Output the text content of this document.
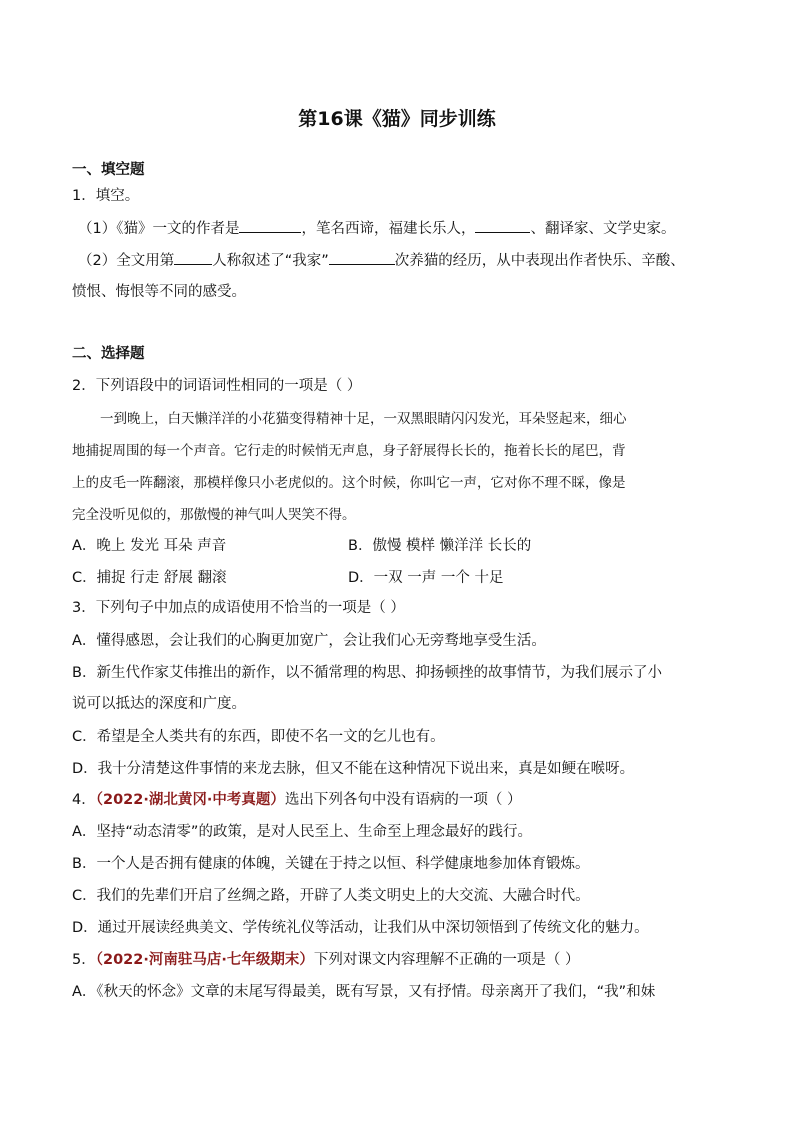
第16课《猫》同步训练
一、填空题
1．填空。
（1）《猫》一文的作者是	，笔名西谛，福建长乐人，	、翻译家、文学史家。
（2）全文用第	人称叙述了“我家”	次养猫的经历，从中表现出作者快乐、辛酸、
愤恨、悔恨等不同的感受。
二、选择题
2．下列语段中的词语词性相同的一项是（ ）
一到晚上，白天懒洋洋的小花猫变得精神十足，一双黑眼睛闪闪发光，耳朵竖起来，细心
地捕捉周围的每一个声音。它行走的时候悄无声息，身子舒展得长长的，拖着长长的尾巴，背
上的皮毛一阵翻滚，那模样像只小老虎似的。这个时候，你叫它一声，它对你不理不睬，像是
完全没听见似的，那傲慢的神气叫人哭笑不得。
A．晚上 发光 耳朵 声音	B．傲慢 模样 懒洋洋 长长的
C．捕捉 行走 舒展 翻滚	D．一双 一声 一个 十足
3．下列句子中加点的成语使用不恰当的一项是（ ）
A．懂得感恩，会让我们的心胸更加宽广，会让我们心无旁骛地享受生活。
B．新生代作家艾伟推出的新作，以不循常理的构思、抑扬顿挫的故事情节，为我们展示了小
说可以抵达的深度和广度。
C．希望是全人类共有的东西，即使不名一文的乞儿也有。
D．我十分清楚这件事情的来龙去脉，但又不能在这种情况下说出来，真是如鲠在喉呀。
4．（2022·湖北黄冈·中考真题）选出下列各句中没有语病的一项（ ）
A．坚持“动态清零”的政策，是对人民至上、生命至上理念最好的践行。
B．一个人是否拥有健康的体魄，关键在于持之以恒、科学健康地参加体育锻炼。
C．我们的先辈们开启了丝绸之路，开辟了人类文明史上的大交流、大融合时代。
D．通过开展读经典美文、学传统礼仪等活动，让我们从中深切领悟到了传统文化的魅力。
5．（2022·河南驻马店·七年级期末）下列对课文内容理解不正确的一项是（ ）
A．《秋天的怀念》文章的末尾写得最美，既有写景，又有抒情。母亲离开了我们，“我”和妹
